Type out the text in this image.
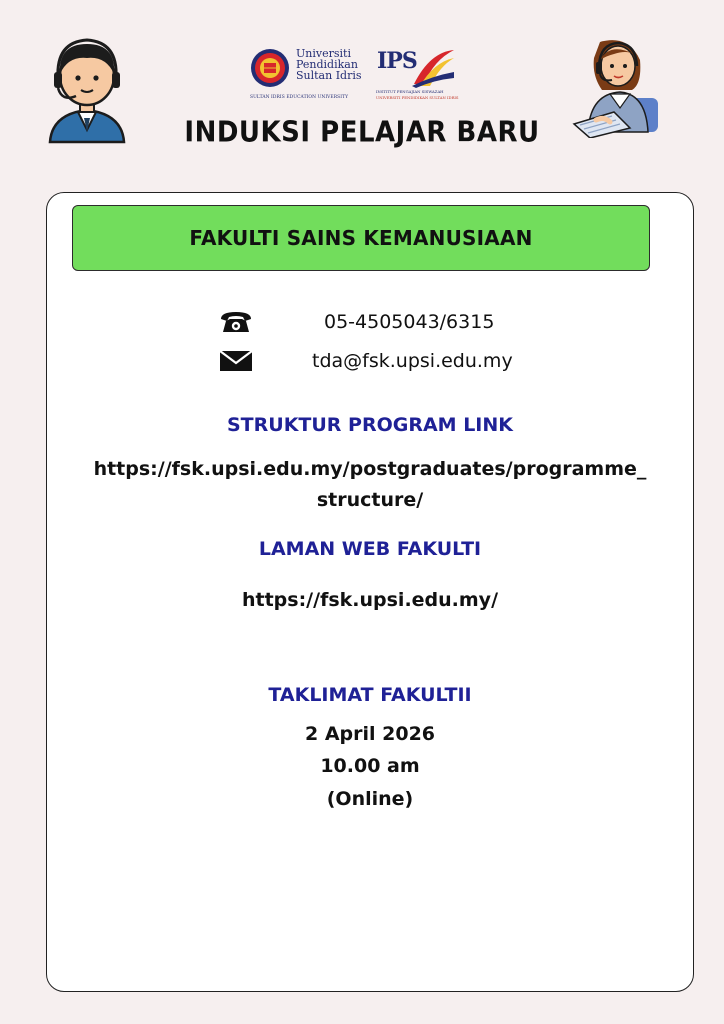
Universiti
Pendidikan
Sultan Idris
SULTAN IDRIS EDUCATION UNIVERSITY
IPS
INSTITUT PENGAJIAN SISWAZAH
UNIVERSITI PENDIDIKAN SULTAN IDRIS
INDUKSI PELAJAR BARU
FAKULTI SAINS KEMANUSIAAN
05-4505043/6315
tda@fsk.upsi.edu.my
STRUKTUR PROGRAM LINK
https://fsk.upsi.edu.my/postgraduates/programme_
structure/
LAMAN WEB FAKULTI
https://fsk.upsi.edu.my/
TAKLIMAT FAKULTII
2 April 2026
10.00 am
(Online)
